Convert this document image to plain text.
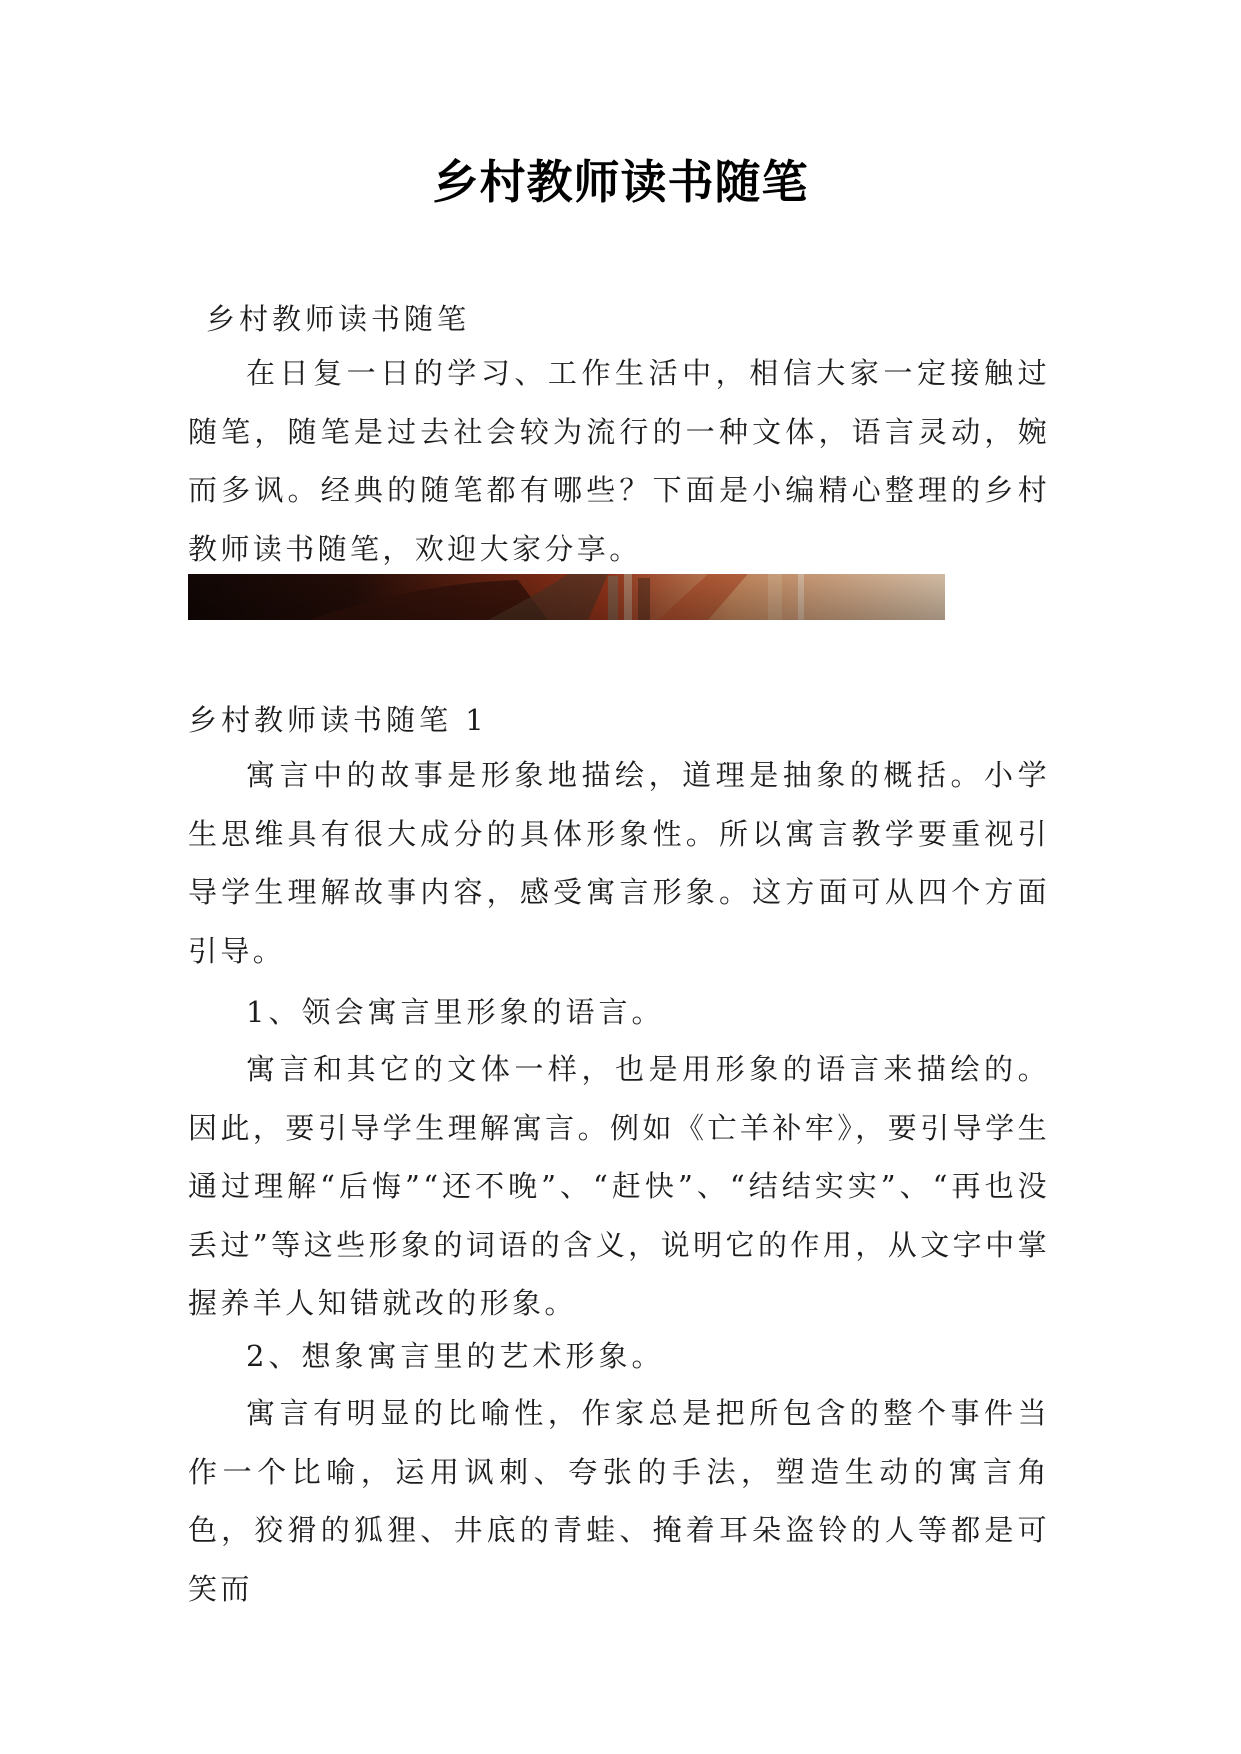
乡村教师读书随笔

乡村教师读书随笔

在日复一日的学习、工作生活中，相信大家一定接触过随笔，随笔是过去社会较为流行的一种文体，语言灵动，婉而多讽。经典的随笔都有哪些？下面是小编精心整理的乡村教师读书随笔，欢迎大家分享。

乡村教师读书随笔 1

寓言中的故事是形象地描绘，道理是抽象的概括。小学生思维具有很大成分的具体形象性。所以寓言教学要重视引导学生理解故事内容，感受寓言形象。这方面可从四个方面引导。

1、领会寓言里形象的语言。

寓言和其它的文体一样，也是用形象的语言来描绘的。因此，要引导学生理解寓言。例如《亡羊补牢》，要引导学生通过理解“后悔”“还不晚”、“赶快”、“结结实实”、“再也没丢过”等这些形象的词语的含义，说明它的作用，从文字中掌握养羊人知错就改的形象。

2、想象寓言里的艺术形象。

寓言有明显的比喻性，作家总是把所包含的整个事件当作一个比喻，运用讽刺、夸张的手法，塑造生动的寓言角色，狡猾的狐狸、井底的青蛙、掩着耳朵盗铃的人等都是可笑而
